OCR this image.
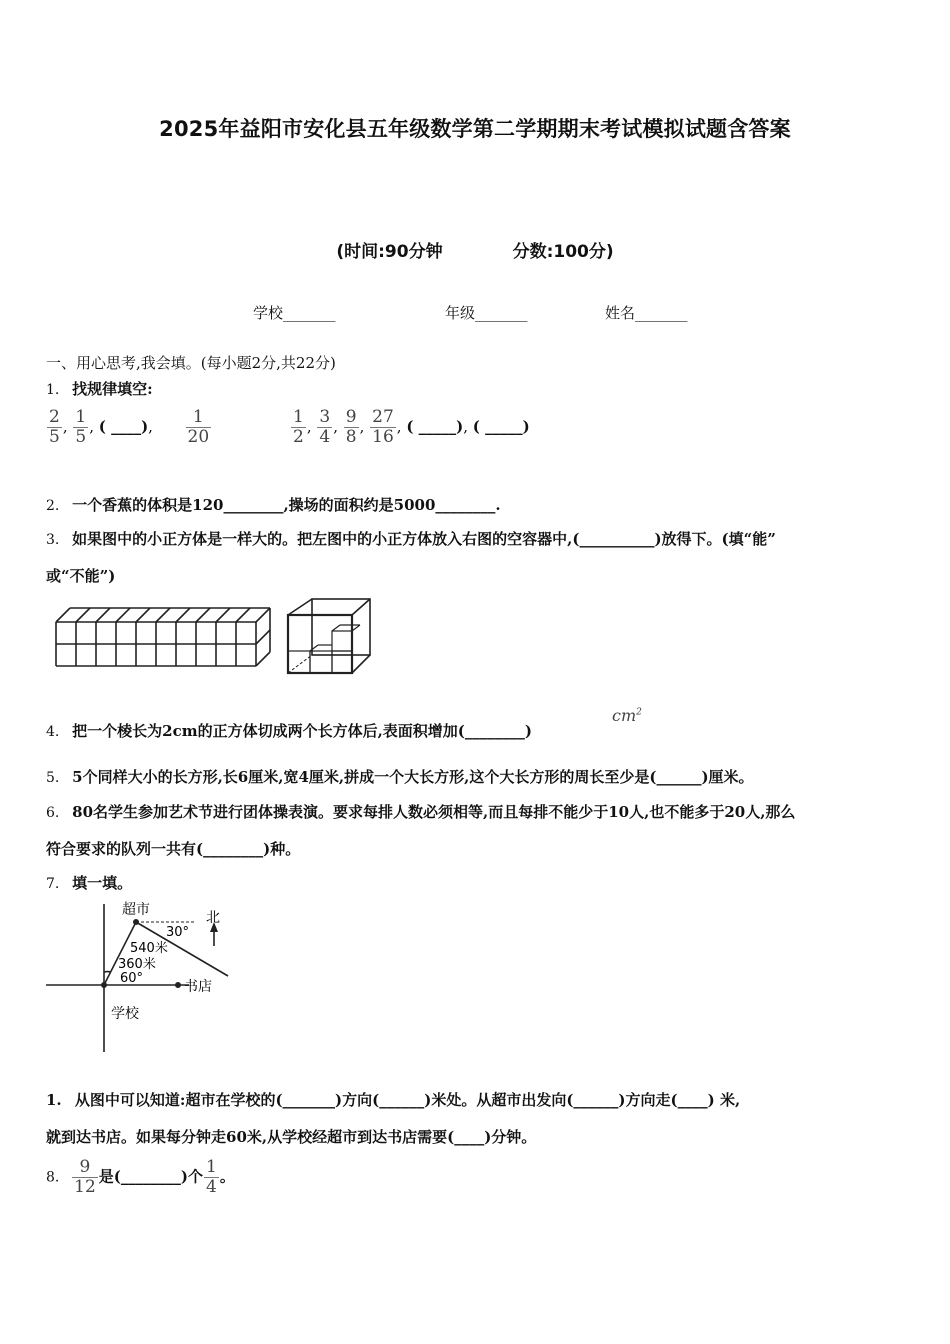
2025年益阳市安化县五年级数学第二学期期末考试模拟试题含答案
(时间:90分钟	分数:100分)
学校_______	年级_______	姓名_______
一、用心思考,我会填。(每小题2分,共22分)
1. 找规律填空:
$\frac{2}{5}$ , $\frac{1}{5}$ , ( ____), $\frac{1}{20}$	$\frac{1}{2}$ , $\frac{3}{4}$ , $\frac{9}{8}$ , $\frac{27}{16}$ , ( _____), ( _____)
2. 一个香蕉的体积是120________,操场的面积约是5000________.
3. 如果图中的小正方体是一样大的。把左图中的小正方体放入右图的空容器中,(__________)放得下。(填“能”
或“不能”)
4. 把一个棱长为2cm的正方体切成两个长方体后,表面积增加(________)
$cm^2$
5. 5个同样大小的长方形,长6厘米,宽4厘米,拼成一个大长方形,这个大长方形的周长至少是(______)厘米。
6. 80名学生参加艺术节进行团体操表演。要求每排人数必须相等,而且每排不能少于10人,也不能多于20人,那么
符合要求的队列一共有(________)种。
7. 填一填。
超市	北
30°
540米
360米
60°
书店
学校
1. 从图中可以知道:超市在学校的(_______)方向(______)米处。从超市出发向(______)方向走(____) 米,
就到达书店。如果每分钟走60米,从学校经超市到达书店需要(____)分钟。
8. $\frac{9}{12}$ 是(________)个 $\frac{1}{4}$ 。
